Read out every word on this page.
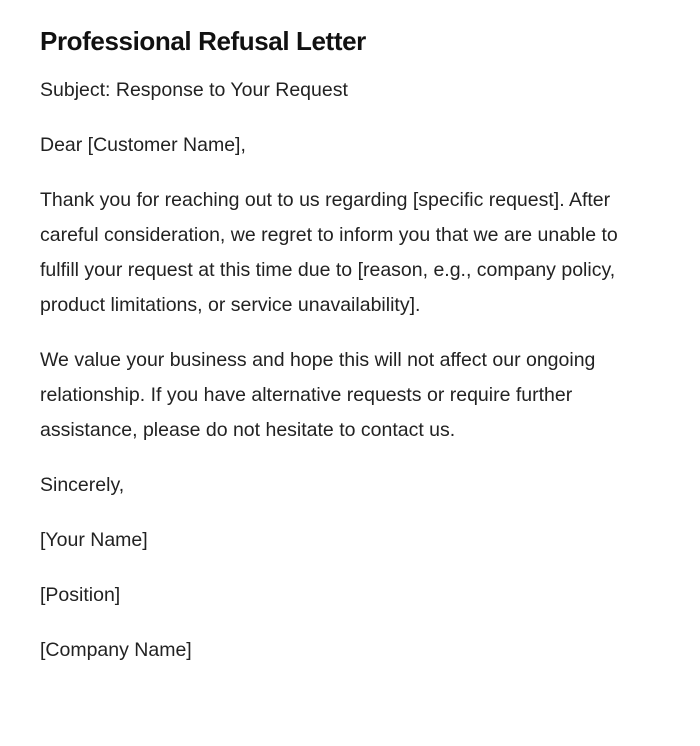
Professional Refusal Letter

Subject: Response to Your Request

Dear [Customer Name],

Thank you for reaching out to us regarding [specific request]. After careful consideration, we regret to inform you that we are unable to fulfill your request at this time due to [reason, e.g., company policy, product limitations, or service unavailability].

We value your business and hope this will not affect our ongoing relationship. If you have alternative requests or require further assistance, please do not hesitate to contact us.

Sincerely,

[Your Name]

[Position]

[Company Name]
